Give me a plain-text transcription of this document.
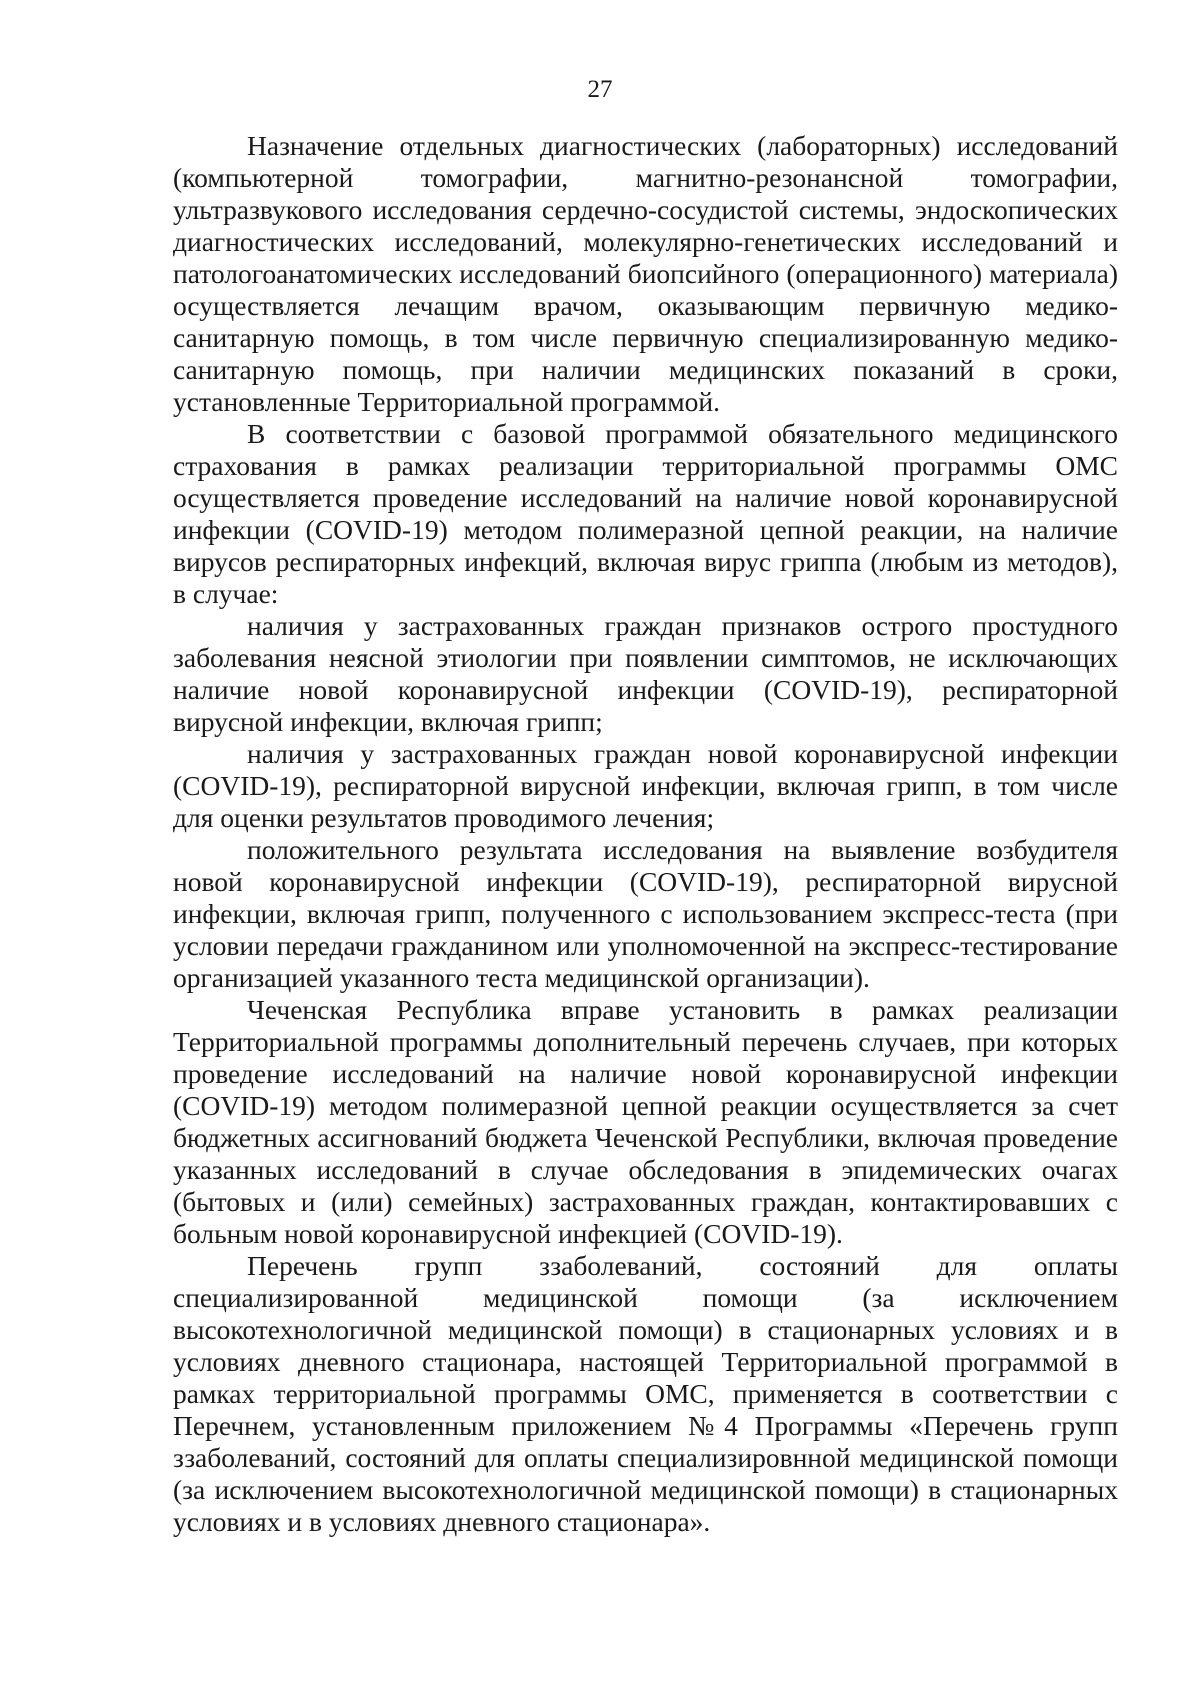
27

Назначение отдельных диагностических (лабораторных) исследований (компьютерной томографии, магнитно-резонансной томографии, ультразвукового исследования сердечно-сосудистой системы, эндоскопических диагностических исследований, молекулярно-генетических исследований и патологоанатомических исследований биопсийного (операционного) материала) осуществляется лечащим врачом, оказывающим первичную медико-санитарную помощь, в том числе первичную специализированную медико-санитарную помощь, при наличии медицинских показаний в сроки, установленные Территориальной программой.

В соответствии с базовой программой обязательного медицинского страхования в рамках реализации территориальной программы ОМС осуществляется проведение исследований на наличие новой коронавирусной инфекции (COVID-19) методом полимеразной цепной реакции, на наличие вирусов респираторных инфекций, включая вирус гриппа (любым из методов), в случае:

наличия у застрахованных граждан признаков острого простудного заболевания неясной этиологии при появлении симптомов, не исключающих наличие новой коронавирусной инфекции (COVID-19), респираторной вирусной инфекции, включая грипп;

наличия у застрахованных граждан новой коронавирусной инфекции (COVID-19), респираторной вирусной инфекции, включая грипп, в том числе для оценки результатов проводимого лечения;

положительного результата исследования на выявление возбудителя новой коронавирусной инфекции (COVID-19), респираторной вирусной инфекции, включая грипп, полученного с использованием экспресс-теста (при условии передачи гражданином или уполномоченной на экспресс-тестирование организацией указанного теста медицинской организации).

Чеченская Республика вправе установить в рамках реализации Территориальной программы дополнительный перечень случаев, при которых проведение исследований на наличие новой коронавирусной инфекции (COVID-19) методом полимеразной цепной реакции осуществляется за счет бюджетных ассигнований бюджета Чеченской Республики, включая проведение указанных исследований в случае обследования в эпидемических очагах (бытовых и (или) семейных) застрахованных граждан, контактировавших с больным новой коронавирусной инфекцией (COVID-19).

Перечень групп ззаболеваний, состояний для оплаты специализированной медицинской помощи (за исключением высокотехнологичной медицинской помощи) в стационарных условиях и в условиях дневного стационара, настоящей Территориальной программой в рамках территориальной программы ОМС, применяется в соответствии с Перечнем, установленным приложением №4 Программы «Перечень групп ззаболеваний, состояний для оплаты специализировнной медицинской помощи (за исключением высокотехнологичной медицинской помощи) в стационарных условиях и в условиях дневного стационара».
